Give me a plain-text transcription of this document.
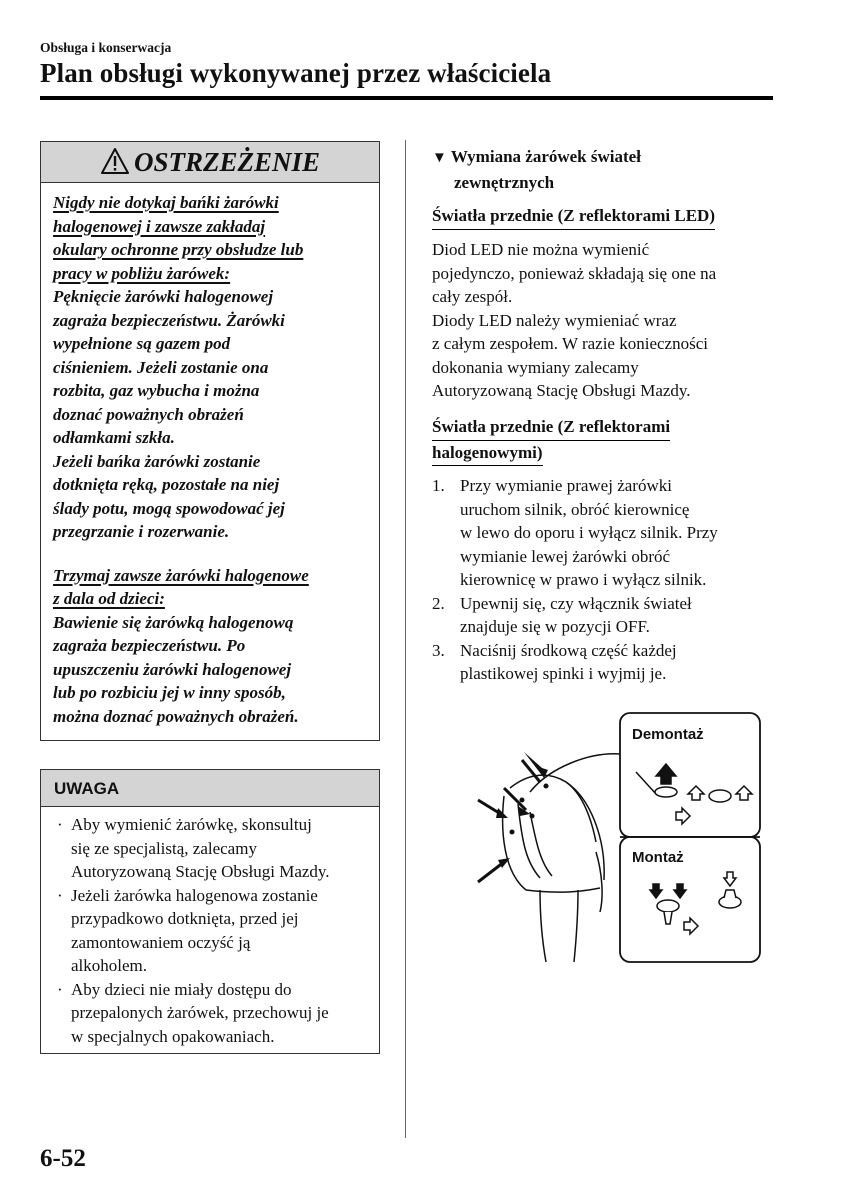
Obsługa i konserwacja
Plan obsługi wykonywanej przez właściciela
OSTRZEŻENIE

Nigdy nie dotykaj bańki żarówki

halogenowej i zawsze zakładaj

okulary ochronne przy obsłudze lub

pracy w pobliżu żarówek:

Pęknięcie żarówki halogenowej

zagraża bezpieczeństwu. Żarówki

wypełnione są gazem pod

ciśnieniem. Jeżeli zostanie ona

rozbita, gaz wybucha i można

doznać poważnych obrażeń

odłamkami szkła.

Jeżeli bańka żarówki zostanie

dotknięta ręką, pozostałe na niej

ślady potu, mogą spowodować jej

przegrzanie i rozerwanie.

Trzymaj zawsze żarówki halogenowe

z dala od dzieci:

Bawienie się żarówką halogenową

zagraża bezpieczeństwu. Po

upuszczeniu żarówki halogenowej

lub po rozbiciu jej w inny sposób,

można doznać poważnych obrażeń.

UWAGA
· Aby wymienić żarówkę, skonsultuj
się ze specjalistą, zalecamy
Autoryzowaną Stację Obsługi Mazdy.
· Jeżeli żarówka halogenowa zostanie
przypadkowo dotknięta, przed jej
zamontowaniem oczyść ją
alkoholem.
· Aby dzieci nie miały dostępu do
przepalonych żarówek, przechowuj je
w specjalnych opakowaniach.
▼ Wymiana żarówek świateł
zewnętrznych
Światła przednie (Z reflektorami LED)
Diod LED nie można wymienić
pojedynczo, ponieważ składają się one na
cały zespół.
Diody LED należy wymieniać wraz
z całym zespołem. W razie konieczności
dokonania wymiany zalecamy
Autoryzowaną Stację Obsługi Mazdy.
Światła przednie (Z reflektorami
halogenowymi)
1. Przy wymianie prawej żarówki
uruchom silnik, obróć kierownicę
w lewo do oporu i wyłącz silnik. Przy
wymianie lewej żarówki obróć
kierownicę w prawo i wyłącz silnik.
2. Upewnij się, czy włącznik świateł
znajduje się w pozycji OFF.
3. Naciśnij środkową część każdej
plastikowej spinki i wyjmij je.
Demontaż
Montaż
6-52
